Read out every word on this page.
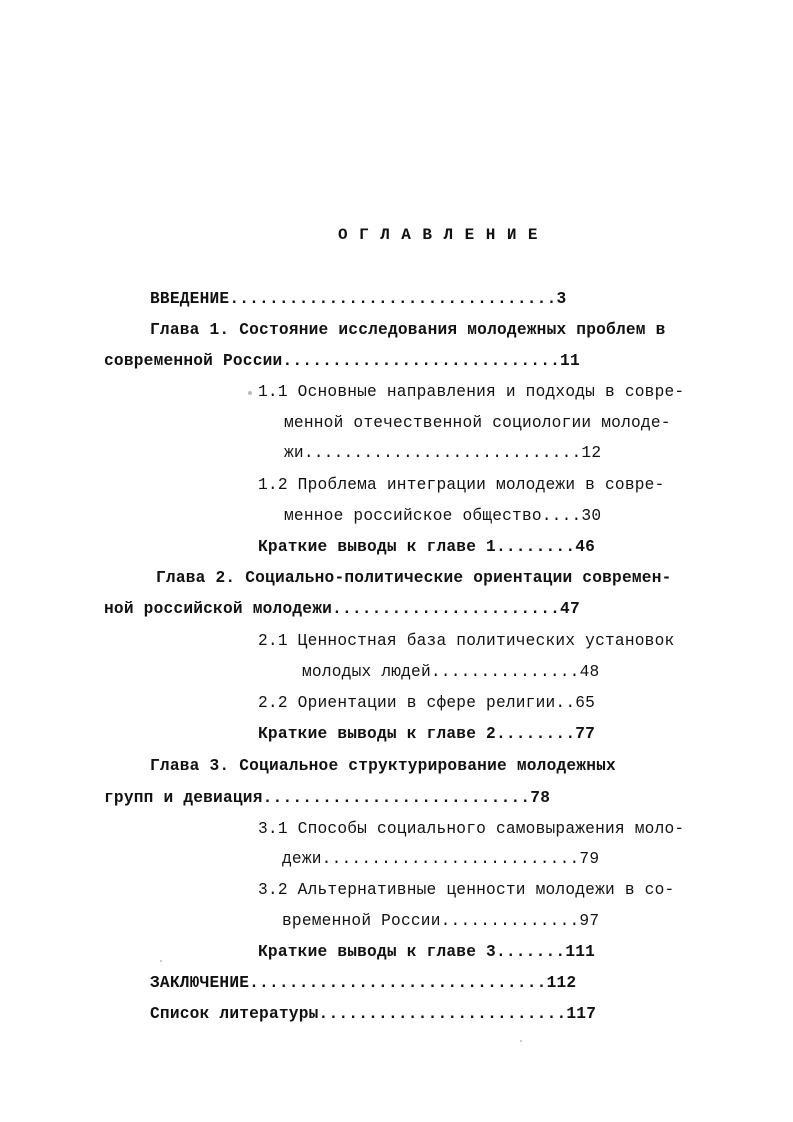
ОГЛАВЛЕНИЕ
ВВЕДЕНИЕ.................................3
Глава 1. Состояние исследования молодежных проблем в
современной России............................11
1.1 Основные направления и подходы в совре-
менной отечественной социологии молоде-
жи............................12
1.2 Проблема интеграции молодежи в совре-
менное российское общество....30
Краткие выводы к главе 1........46
Глава 2. Социально-политические ориентации современ-
ной российской молодежи.......................47
2.1 Ценностная база политических установок
молодых людей...............48
2.2 Ориентации в сфере религии..65
Краткие выводы к главе 2........77
Глава 3. Социальное структурирование молодежных
групп и девиация...........................78
3.1 Способы социального самовыражения моло-
дежи..........................79
3.2 Альтернативные ценности молодежи в со-
временной России..............97
Краткие выводы к главе 3.......111
ЗАКЛЮЧЕНИЕ..............................112
Список литературы.........................117
